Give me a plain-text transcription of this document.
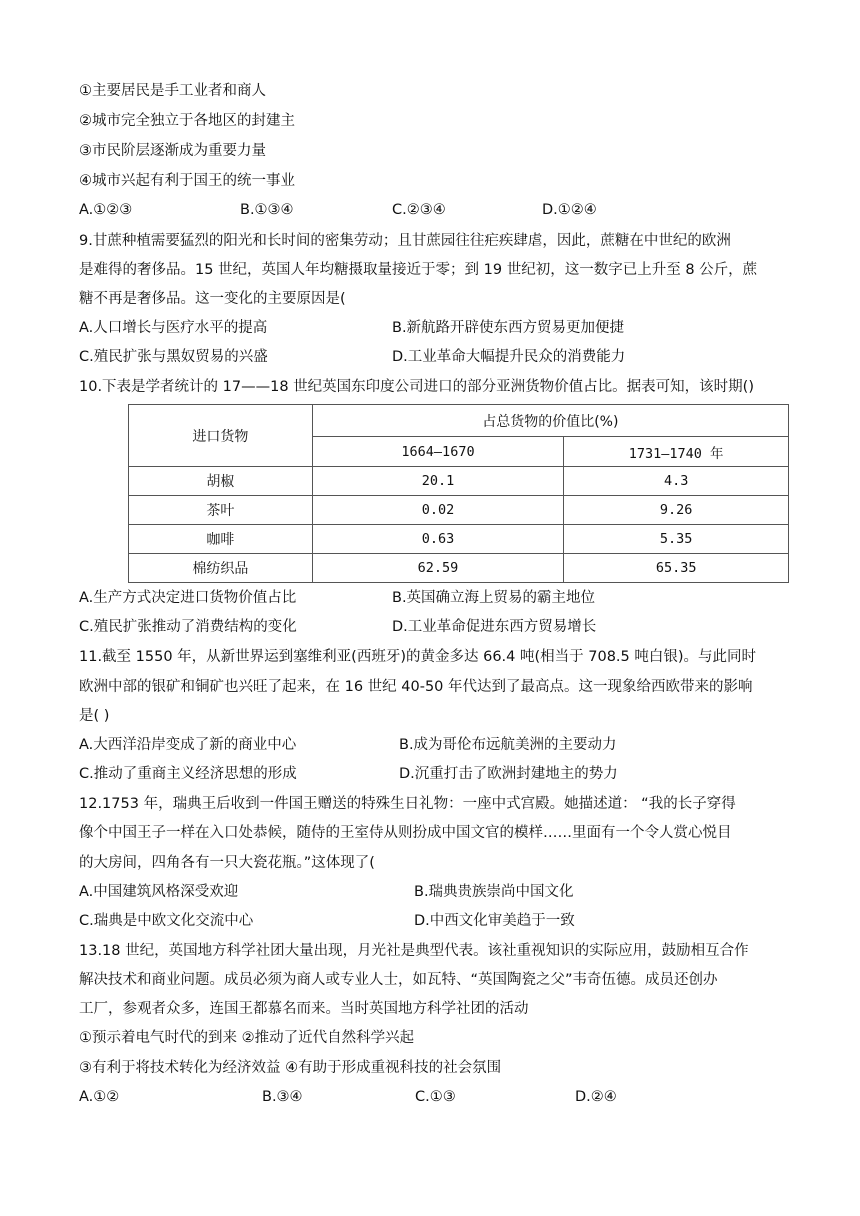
①主要居民是手工业者和商人
②城市完全独立于各地区的封建主
③市民阶层逐渐成为重要力量
④城市兴起有利于国王的统一事业
A.①②③	B.①③④	C.②③④	D.①②④
9.甘蔗种植需要猛烈的阳光和长时间的密集劳动；且甘蔗园往往疟疾肆虐，因此，蔗糖在中世纪的欧洲
是难得的奢侈品。15 世纪，英国人年均糖摄取量接近于零；到 19 世纪初，这一数字已上升至 8 公斤，蔗
糖不再是奢侈品。这一变化的主要原因是(
A.人口增长与医疗水平的提高	B.新航路开辟使东西方贸易更加便捷
C.殖民扩张与黑奴贸易的兴盛	D.工业革命大幅提升民众的消费能力
10.下表是学者统计的 17——18 世纪英国东印度公司进口的部分亚洲货物价值占比。据表可知，该时期()
进口货物	占总货物的价值比(%)	
	1664—1670	1731—1740 年
胡椒	20.1	4.3
茶叶	0.02	9.26
咖啡	0.63	5.35
棉纺织品	62.59	65.35
A.生产方式决定进口货物价值占比	B.英国确立海上贸易的霸主地位
C.殖民扩张推动了消费结构的变化	D.工业革命促进东西方贸易增长
11.截至 1550 年，从新世界运到塞维利亚(西班牙)的黄金多达 66.4 吨(相当于 708.5 吨白银)。与此同时
欧洲中部的银矿和铜矿也兴旺了起来，在 16 世纪 40-50 年代达到了最高点。这一现象给西欧带来的影响
是( )
A.大西洋沿岸变成了新的商业中心	B.成为哥伦布远航美洲的主要动力
C.推动了重商主义经济思想的形成	D.沉重打击了欧洲封建地主的势力
12.1753 年，瑞典王后收到一件国王赠送的特殊生日礼物：一座中式宫殿。她描述道： “我的长子穿得
像个中国王子一样在入口处恭候，随侍的王室侍从则扮成中国文官的模样……里面有一个令人赏心悦目
的大房间，四角各有一只大瓷花瓶。”这体现了(
A.中国建筑风格深受欢迎	B.瑞典贵族崇尚中国文化
C.瑞典是中欧文化交流中心	D.中西文化审美趋于一致
13.18 世纪，英国地方科学社团大量出现，月光社是典型代表。该社重视知识的实际应用，鼓励相互合作
解决技术和商业问题。成员必须为商人或专业人士，如瓦特、“英国陶瓷之父”韦奇伍德。成员还创办
工厂，参观者众多，连国王都慕名而来。当时英国地方科学社团的活动
①预示着电气时代的到来 ②推动了近代自然科学兴起
③有利于将技术转化为经济效益 ④有助于形成重视科技的社会氛围
A.①②	B.③④	C.①③	D.②④
